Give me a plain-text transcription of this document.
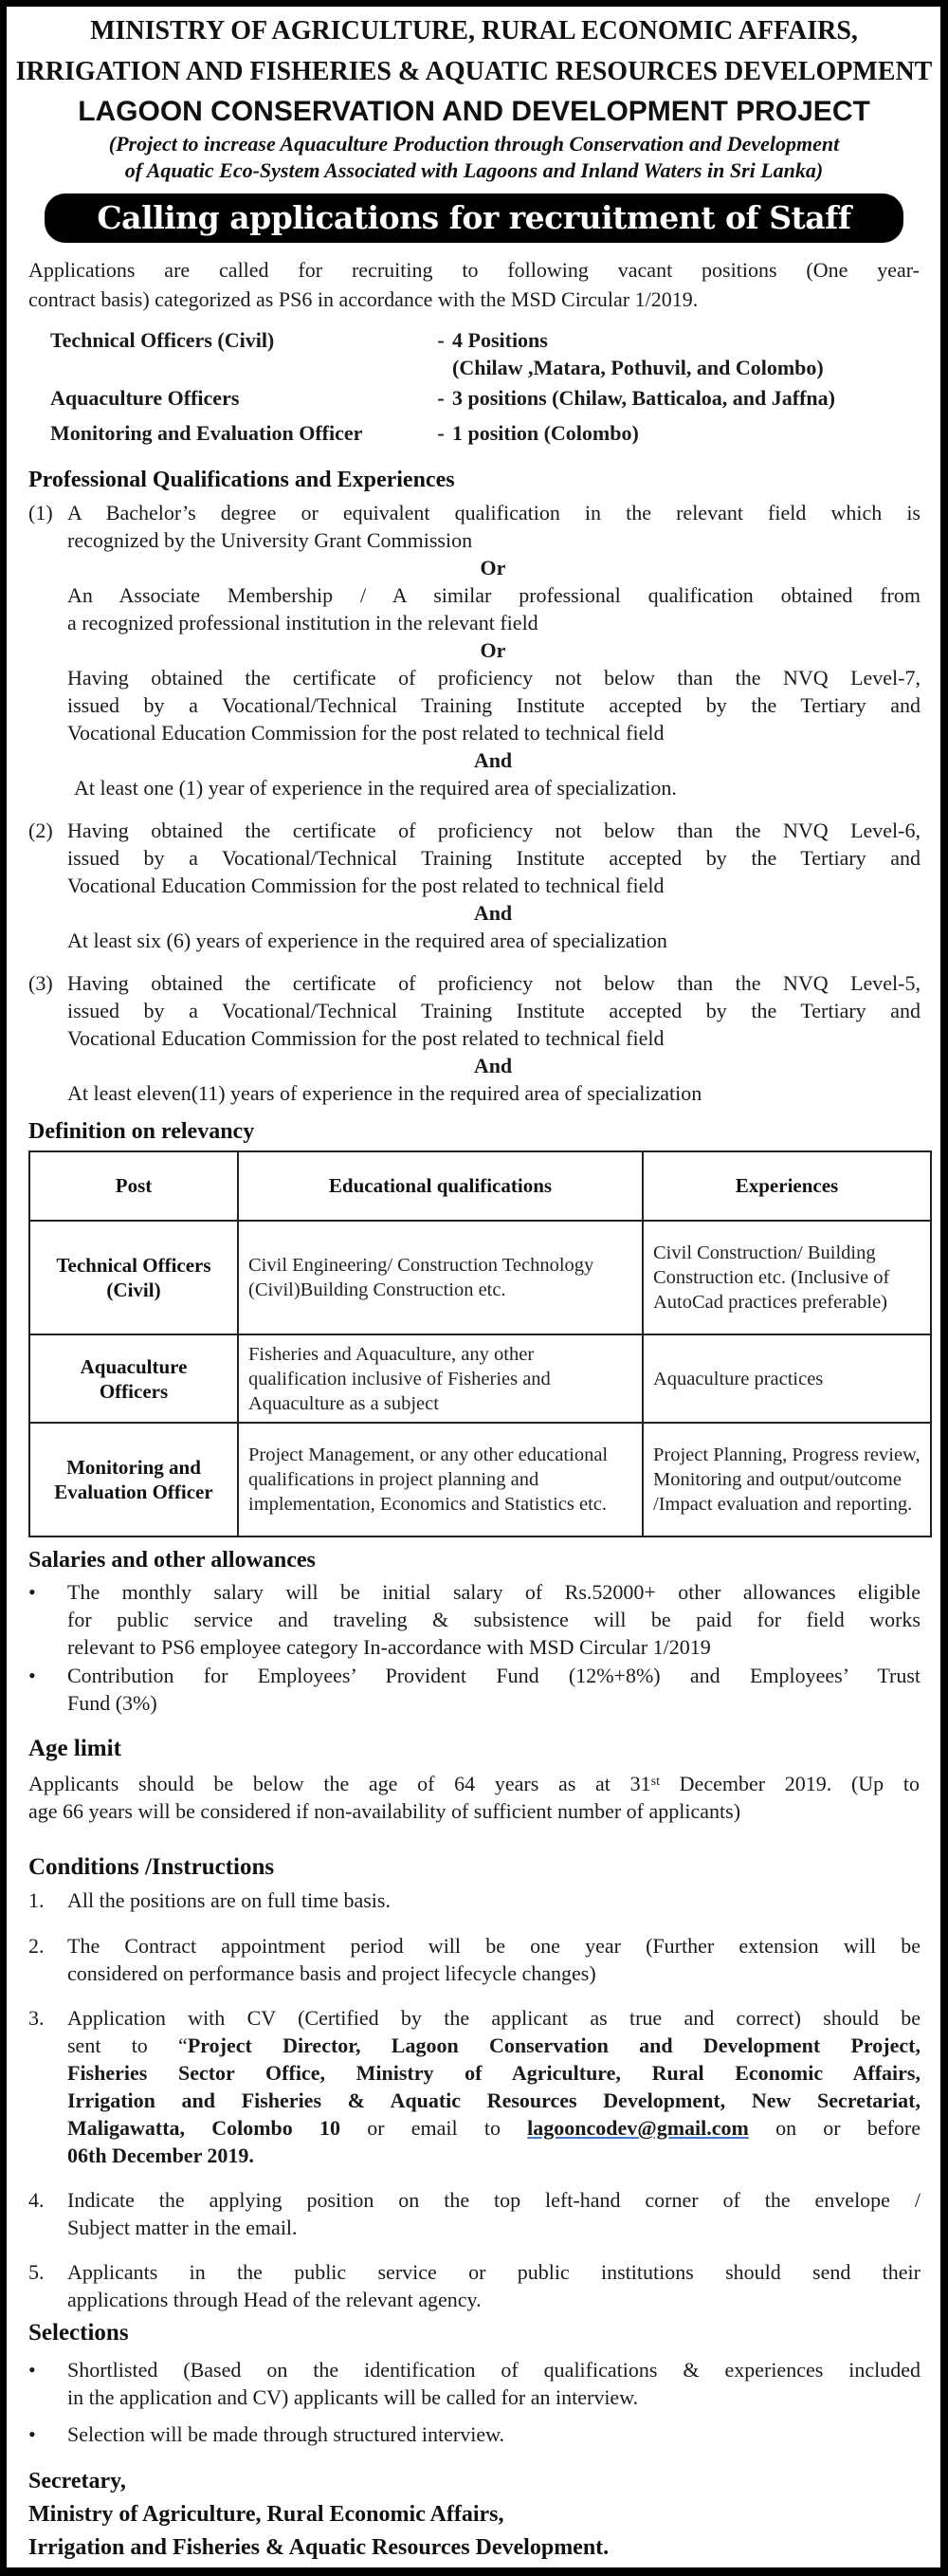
MINISTRY OF AGRICULTURE, RURAL ECONOMIC AFFAIRS,
IRRIGATION AND FISHERIES & AQUATIC RESOURCES DEVELOPMENT
LAGOON CONSERVATION AND DEVELOPMENT PROJECT
(Project to increase Aquaculture Production through Conservation and Development
of Aquatic Eco-System Associated with Lagoons and Inland Waters in Sri Lanka)
Calling applications for recruitment of Staff
Applications are called for recruiting to following vacant positions (One year-
contract basis) categorized as PS6 in accordance with the MSD Circular 1/2019.
Technical Officers (Civil)	- 4 Positions
(Chilaw ,Matara, Pothuvil, and Colombo)
Aquaculture Officers	- 3 positions (Chilaw, Batticaloa, and Jaffna)
Monitoring and Evaluation Officer	- 1 position (Colombo)
Professional Qualifications and Experiences
(1) A Bachelor’s degree or equivalent qualification in the relevant field which is
recognized by the University Grant Commission
Or
An Associate Membership / A similar professional qualification obtained from
a recognized professional institution in the relevant field
Or
Having obtained the certificate of proficiency not below than the NVQ Level-7,
issued by a Vocational/Technical Training Institute accepted by the Tertiary and
Vocational Education Commission for the post related to technical field
And
At least one (1) year of experience in the required area of specialization.
(2) Having obtained the certificate of proficiency not below than the NVQ Level-6,
issued by a Vocational/Technical Training Institute accepted by the Tertiary and
Vocational Education Commission for the post related to technical field
And
At least six (6) years of experience in the required area of specialization
(3) Having obtained the certificate of proficiency not below than the NVQ Level-5,
issued by a Vocational/Technical Training Institute accepted by the Tertiary and
Vocational Education Commission for the post related to technical field
And
At least eleven(11) years of experience in the required area of specialization
Definition on relevancy
Post	Educational qualifications	Experiences
Technical Officers (Civil)	Civil Engineering/ Construction Technology (Civil)Building Construction etc.	Civil Construction/ Building Construction etc. (Inclusive of AutoCad practices preferable)
Aquaculture Officers	Fisheries and Aquaculture, any other qualification inclusive of Fisheries and Aquaculture as a subject	Aquaculture practices
Monitoring and Evaluation Officer	Project Management, or any other educational qualifications in project planning and implementation, Economics and Statistics etc.	Project Planning, Progress review, Monitoring and output/outcome /Impact evaluation and reporting.
Salaries and other allowances
•	The monthly salary will be initial salary of Rs.52000+ other allowances eligible
for public service and traveling & subsistence will be paid for field works
relevant to PS6 employee category In-accordance with MSD Circular 1/2019
•	Contribution for Employees’ Provident Fund (12%+8%) and Employees’ Trust
Fund (3%)
Age limit
Applicants should be below the age of 64 years as at 31st December 2019. (Up to
age 66 years will be considered if non-availability of sufficient number of applicants)
Conditions /Instructions
1.	All the positions are on full time basis.
2.	The Contract appointment period will be one year (Further extension will be
considered on performance basis and project lifecycle changes)
3.	Application with CV (Certified by the applicant as true and correct) should be
sent to “Project Director, Lagoon Conservation and Development Project,
Fisheries Sector Office, Ministry of Agriculture, Rural Economic Affairs,
Irrigation and Fisheries & Aquatic Resources Development, New Secretariat,
Maligawatta, Colombo 10 or email to lagooncodev@gmail.com on or before
06th December 2019.
4.	Indicate the applying position on the top left-hand corner of the envelope /
Subject matter in the email.
5.	Applicants in the public service or public institutions should send their
applications through Head of the relevant agency.
Selections
•	Shortlisted (Based on the identification of qualifications & experiences included
in the application and CV) applicants will be called for an interview.
•	Selection will be made through structured interview.
Secretary,
Ministry of Agriculture, Rural Economic Affairs,
Irrigation and Fisheries & Aquatic Resources Development.
